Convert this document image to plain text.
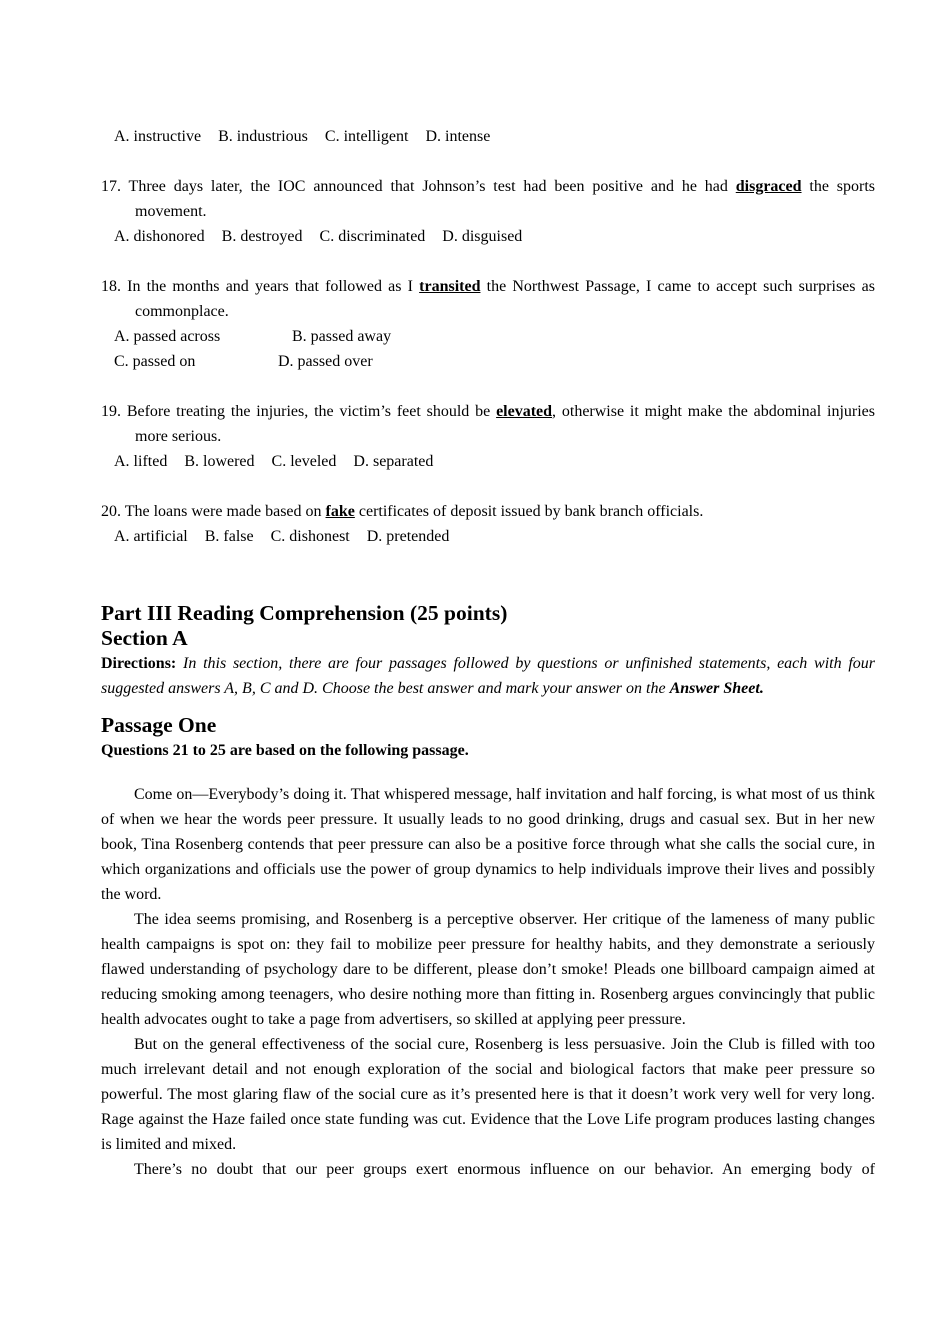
A. instructive B. industrious C. intelligent D. intense
17. Three days later, the IOC announced that Johnson’s test had been positive and he had disgraced the sports movement.
A. dishonored B. destroyed C. discriminated D. disguised
18. In the months and years that followed as I transited the Northwest Passage, I came to accept such surprises as commonplace.
A. passed across	B. passed away
C. passed on	D. passed over
19. Before treating the injuries, the victim’s feet should be elevated, otherwise it might make the abdominal injuries more serious.
A. lifted B. lowered C. leveled D. separated
20. The loans were made based on fake certificates of deposit issued by bank branch officials.
A. artificial B. false C. dishonest D. pretended
Part III Reading Comprehension (25 points)
Section A
Directions: In this section, there are four passages followed by questions or unfinished statements, each with four suggested answers A, B, C and D. Choose the best answer and mark your answer on the Answer Sheet.
Passage One
Questions 21 to 25 are based on the following passage.
Come on—Everybody’s doing it. That whispered message, half invitation and half forcing, is what most of us think of when we hear the words peer pressure. It usually leads to no good drinking, drugs and casual sex. But in her new book, Tina Rosenberg contends that peer pressure can also be a positive force through what she calls the social cure, in which organizations and officials use the power of group dynamics to help individuals improve their lives and possibly the word.
The idea seems promising, and Rosenberg is a perceptive observer. Her critique of the lameness of many public health campaigns is spot on: they fail to mobilize peer pressure for healthy habits, and they demonstrate a seriously flawed understanding of psychology dare to be different, please don’t smoke! Pleads one billboard campaign aimed at reducing smoking among teenagers, who desire nothing more than fitting in. Rosenberg argues convincingly that public health advocates ought to take a page from advertisers, so skilled at applying peer pressure.
But on the general effectiveness of the social cure, Rosenberg is less persuasive. Join the Club is filled with too much irrelevant detail and not enough exploration of the social and biological factors that make peer pressure so powerful. The most glaring flaw of the social cure as it’s presented here is that it doesn’t work very well for very long. Rage against the Haze failed once state funding was cut. Evidence that the Love Life program produces lasting changes is limited and mixed.
There’s no doubt that our peer groups exert enormous influence on our behavior. An emerging body of
